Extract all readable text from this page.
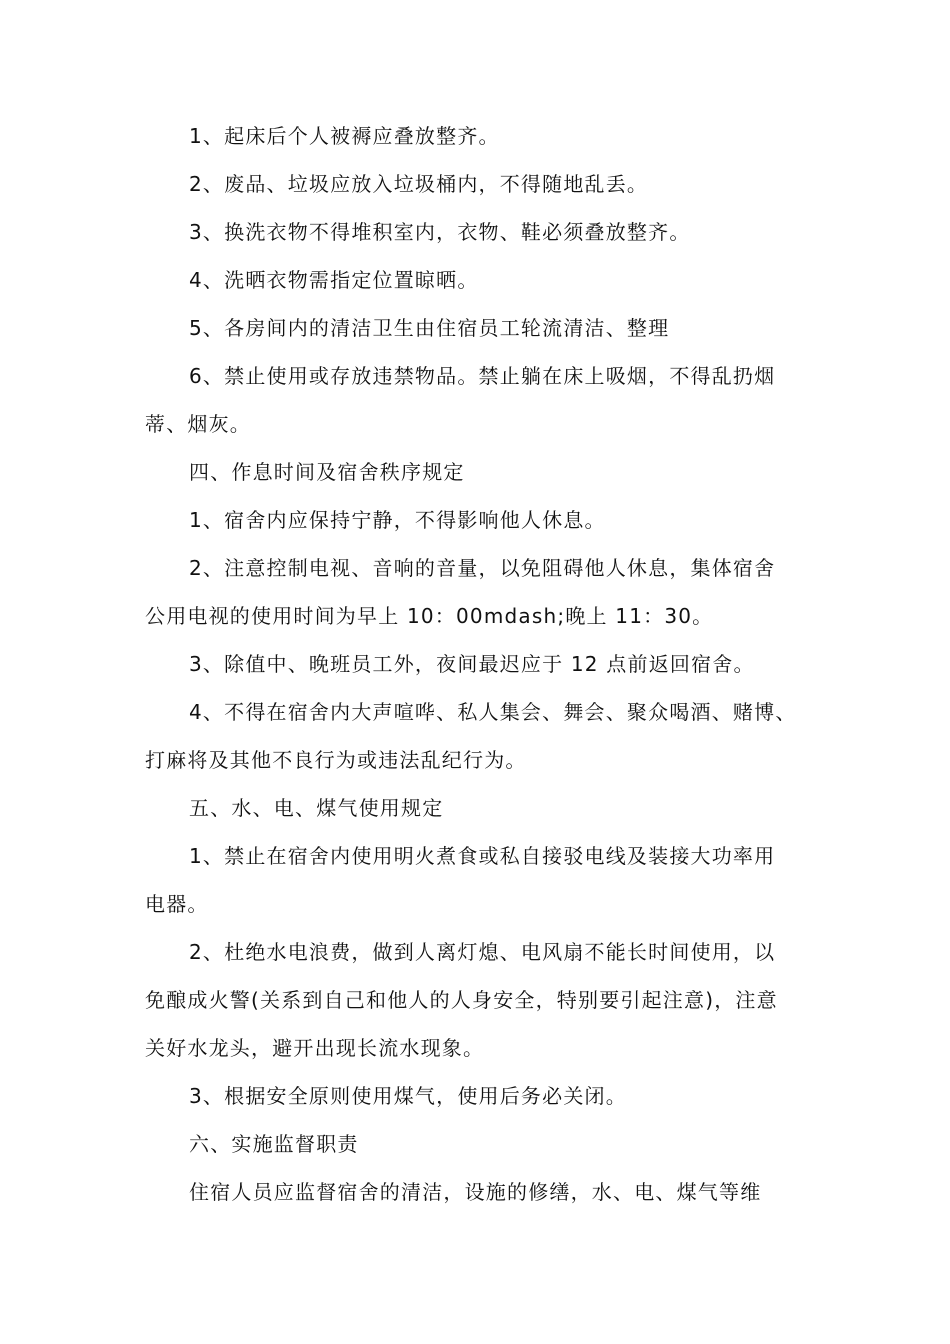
1、起床后个人被褥应叠放整齐。
2、废品、垃圾应放入垃圾桶内，不得随地乱丢。
3、换洗衣物不得堆积室内，衣物、鞋必须叠放整齐。
4、洗晒衣物需指定位置晾晒。
5、各房间内的清洁卫生由住宿员工轮流清洁、整理
6、禁止使用或存放违禁物品。禁止躺在床上吸烟，不得乱扔烟
蒂、烟灰。
四、作息时间及宿舍秩序规定
1、宿舍内应保持宁静，不得影响他人休息。
2、注意控制电视、音响的音量，以免阻碍他人休息，集体宿舍
公用电视的使用时间为早上 10：00mdash;晚上 11：30。
3、除值中、晚班员工外，夜间最迟应于 12 点前返回宿舍。
4、不得在宿舍内大声喧哗、私人集会、舞会、聚众喝酒、赌博、
打麻将及其他不良行为或违法乱纪行为。
五、水、电、煤气使用规定
1、禁止在宿舍内使用明火煮食或私自接驳电线及装接大功率用
电器。
2、杜绝水电浪费，做到人离灯熄、电风扇不能长时间使用，以
免酿成火警(关系到自己和他人的人身安全，特别要引起注意)，注意
关好水龙头，避开出现长流水现象。
3、根据安全原则使用煤气，使用后务必关闭。
六、实施监督职责
住宿人员应监督宿舍的清洁，设施的修缮，水、电、煤气等维
